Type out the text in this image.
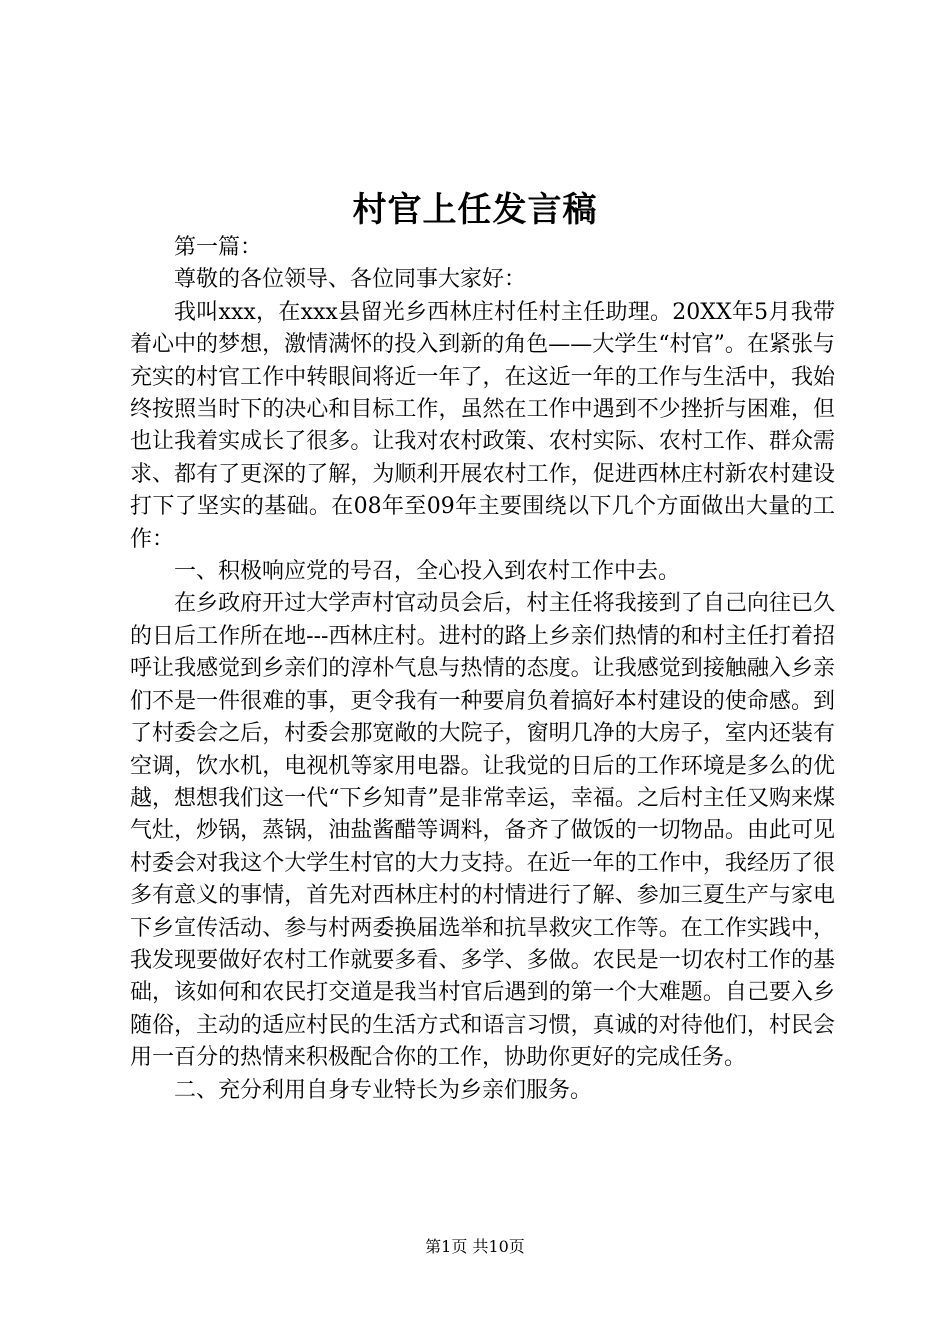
村官上任发言稿

第一篇：

尊敬的各位领导、各位同事大家好：

我叫xxx，在xxx县留光乡西林庄村任村主任助理。20XX年5月我带着心中的梦想，激情满怀的投入到新的角色——大学生“村官”。在紧张与充实的村官工作中转眼间将近一年了，在这近一年的工作与生活中，我始终按照当时下的决心和目标工作，虽然在工作中遇到不少挫折与困难，但也让我着实成长了很多。让我对农村政策、农村实际、农村工作、群众需求、都有了更深的了解，为顺利开展农村工作，促进西林庄村新农村建设打下了坚实的基础。在08年至09年主要围绕以下几个方面做出大量的工作：

一、积极响应党的号召，全心投入到农村工作中去。

在乡政府开过大学声村官动员会后，村主任将我接到了自己向往已久的日后工作所在地---西林庄村。进村的路上乡亲们热情的和村主任打着招呼让我感觉到乡亲们的淳朴气息与热情的态度。让我感觉到接触融入乡亲们不是一件很难的事，更令我有一种要肩负着搞好本村建设的使命感。到了村委会之后，村委会那宽敞的大院子，窗明几净的大房子，室内还装有空调，饮水机，电视机等家用电器。让我觉的日后的工作环境是多么的优越，想想我们这一代“下乡知青”是非常幸运，幸福。之后村主任又购来煤气灶，炒锅，蒸锅，油盐酱醋等调料，备齐了做饭的一切物品。由此可见村委会对我这个大学生村官的大力支持。在近一年的工作中，我经历了很多有意义的事情，首先对西林庄村的村情进行了解、参加三夏生产与家电下乡宣传活动、参与村两委换届选举和抗旱救灾工作等。在工作实践中，我发现要做好农村工作就要多看、多学、多做。农民是一切农村工作的基础，该如何和农民打交道是我当村官后遇到的第一个大难题。自己要入乡随俗，主动的适应村民的生活方式和语言习惯，真诚的对待他们，村民会用一百分的热情来积极配合你的工作，协助你更好的完成任务。

二、充分利用自身专业特长为乡亲们服务。

第1页 共10页
